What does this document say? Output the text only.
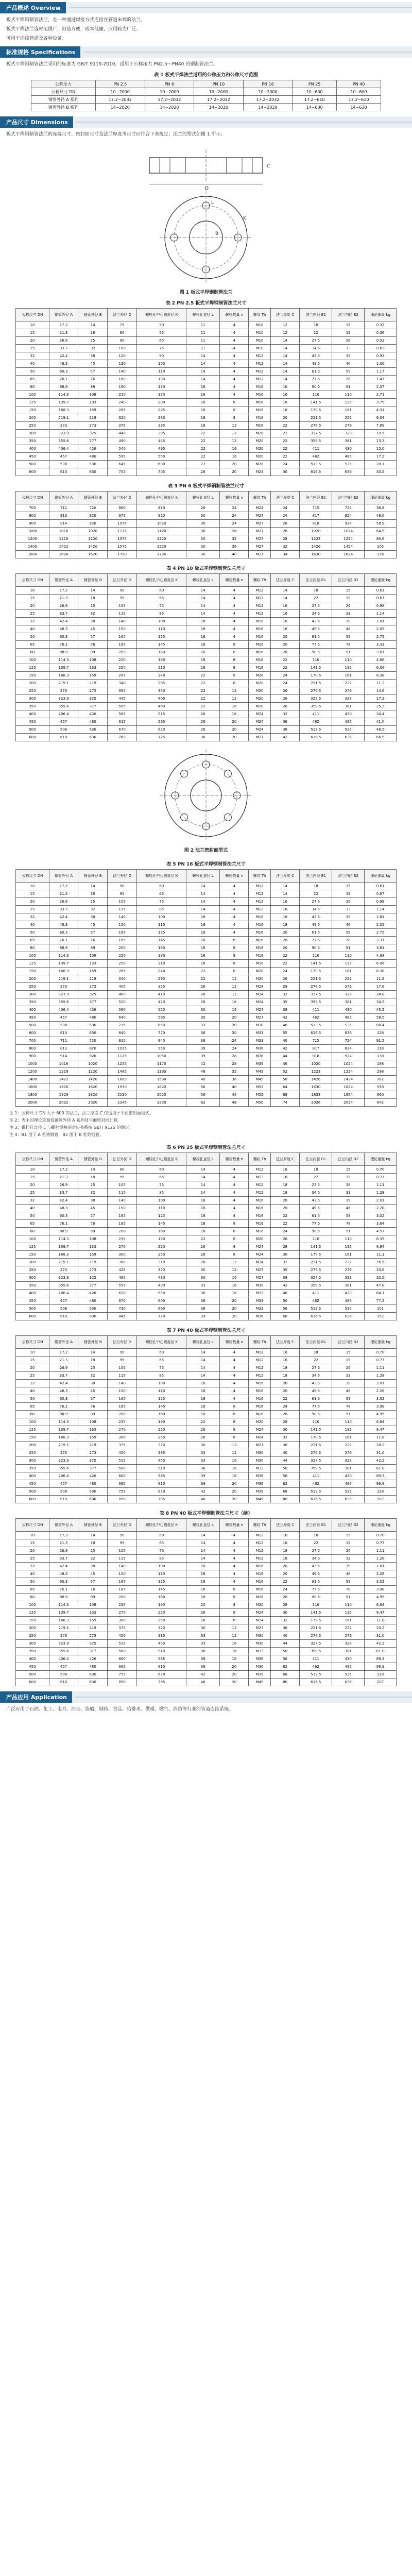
产品概述 Overview
板式平焊钢制管法兰，是一种通过焊接方式连接在管道末端的法兰。
板式平焊法兰选材范围广，制造方便，成本低廉，应用较为广泛。
可用于连接管道及各种设备。
标准规格 Specifications
板式平焊钢制管法兰采用的标准为 GB/T 9119-2010，适用于公称压力 PN2.5～PN40 的钢制管法兰。
表 1 板式平焊法兰适用的公称压力和公称尺寸范围
公称压力	PN 2.5	PN 6	PN 10	PN 16	PN 25	PN 40
公称尺寸 DN	10~2000	10~2000	10~2000	10~2000	10~600	10~600
钢管外径 A 系列	17.2~2032	17.2~2032	17.2~2032	17.2~2032	17.2~610	17.2~610
钢管外径 B 系列	14~2020	14~2020	14~2020	14~2020	14~630	14~630
产品尺寸 Dimensions
板式平焊钢制管法兰的连接尺寸、密封面尺寸及法兰厚度等尺寸应符合下表规定，法兰的型式如图 1 所示。
D
C
K
L
B
图 1 板式平焊钢制管法兰
表 2 PN 2.5 板式平焊钢制管法兰尺寸
公称尺寸 DN	钢管外径 A	钢管外径 B	法兰外径 D	螺栓孔中心圆直径 K	螺栓孔直径 L	螺栓数量 n	螺纹 Th	法兰厚度 C	法兰内径 B1	法兰内径 B2	理论重量 kg
10	17.2	14	75	50	11	4	M10	12	18	15	0.32
15	21.3	18	80	55	11	4	M10	12	22	19	0.36
20	26.9	25	90	65	11	4	M10	14	27.5	26	0.52
25	33.7	32	100	75	11	4	M10	14	34.5	33	0.62
32	42.4	38	120	90	14	4	M12	14	43.5	39	0.92
40	48.3	45	130	100	14	4	M12	14	49.5	46	1.06
50	60.3	57	140	110	14	4	M12	14	61.5	59	1.17
65	76.1	76	160	130	14	4	M12	14	77.5	78	1.47
80	88.9	89	190	150	18	4	M16	16	90.5	91	2.37
100	114.3	108	210	170	18	4	M16	16	116	110	2.71
125	139.7	133	240	200	18	8	M16	18	141.5	135	3.75
150	168.3	159	265	225	18	8	M16	18	170.5	161	4.31
200	219.1	219	320	280	18	8	M16	20	221.5	222	6.04
250	273	273	375	335	18	12	M16	22	276.5	276	7.89
300	323.9	325	440	395	22	12	M20	22	327.5	328	10.5
350	355.6	377	490	445	22	12	M20	22	359.5	381	13.3
400	406.4	426	540	495	22	16	M20	22	411	430	15.0
450	457	480	595	550	22	16	M20	22	462	485	17.2
500	508	530	645	600	22	20	M20	24	513.5	535	20.1
600	610	630	755	705	26	20	M24	30	616.5	636	30.5
表 3 PN 6 板式平焊钢制管法兰尺寸
公称尺寸 DN	钢管外径 A	钢管外径 B	法兰外径 D	螺栓孔中心圆直径 K	螺栓孔直径 L	螺栓数量 n	螺纹 Th	法兰厚度 C	法兰内径 B1	法兰内径 B2	理论重量 kg
700	711	720	860	810	26	24	M24	24	715	724	36.8
800	813	820	975	920	30	24	M27	24	817	824	48.6
900	914	920	1075	1020	30	24	M27	26	918	924	58.9
1000	1016	1020	1175	1120	30	28	M27	26	1020	1024	64.5
1200	1219	1220	1375	1320	30	32	M27	28	1223	1224	80.6
1400	1422	1420	1575	1520	30	36	M27	32	1426	1424	105
1600	1626	1620	1790	1730	30	40	M27	34	1630	1624	136
表 4 PN 10 板式平焊钢制管法兰尺寸
公称尺寸 DN	钢管外径 A	钢管外径 B	法兰外径 D	螺栓孔中心圆直径 K	螺栓孔直径 L	螺栓数量 n	螺纹 Th	法兰厚度 C	法兰内径 B1	法兰内径 B2	理论重量 kg
10	17.2	14	90	60	14	4	M12	14	18	15	0.61
15	21.3	18	95	65	14	4	M12	14	22	19	0.67
20	26.9	25	105	75	14	4	M12	16	27.5	26	0.98
25	33.7	32	115	85	14	4	M12	16	34.5	33	1.14
32	42.4	38	140	100	18	4	M16	18	43.5	39	1.81
40	48.3	45	150	110	18	4	M16	18	49.5	46	2.05
50	60.3	57	165	125	18	4	M16	20	61.5	59	2.75
65	76.1	76	185	145	18	8	M16	20	77.5	78	3.31
80	88.9	89	200	160	18	8	M16	20	90.5	91	3.81
100	114.3	108	220	180	18	8	M16	22	116	110	4.68
125	139.7	133	250	210	18	8	M16	22	141.5	135	6.06
150	168.3	159	285	240	22	8	M20	24	170.5	161	8.38
200	219.1	219	340	295	22	8	M20	24	221.5	222	11.3
250	273	273	395	350	22	12	M20	26	276.5	276	14.6
300	323.9	325	445	400	22	12	M20	26	327.5	328	17.2
350	355.6	377	505	460	22	16	M20	28	359.5	381	25.2
400	406.4	426	565	515	26	16	M24	32	411	430	34.4
450	457	480	615	565	26	20	M24	36	462	485	41.0
500	508	530	670	620	26	20	M24	38	513.5	535	48.5
600	610	630	780	725	30	20	M27	42	616.5	636	66.5
图 2 法兰密封面型式
表 5 PN 16 板式平焊钢制管法兰尺寸
公称尺寸 DN	钢管外径 A	钢管外径 B	法兰外径 D	螺栓孔中心圆直径 K	螺栓孔直径 L	螺栓数量 n	螺纹 Th	法兰厚度 C	法兰内径 B1	法兰内径 B2	理论重量 kg
10	17.2	14	90	60	14	4	M12	14	18	15	0.61
15	21.3	18	95	65	14	4	M12	14	22	19	0.67
20	26.9	25	105	75	14	4	M12	16	27.5	26	0.98
25	33.7	32	115	85	14	4	M12	16	34.5	33	1.14
32	42.4	38	140	100	18	4	M16	18	43.5	39	1.81
40	48.3	45	150	110	18	4	M16	18	49.5	46	2.05
50	60.3	57	165	125	18	4	M16	20	61.5	59	2.75
65	76.1	76	185	145	18	8	M16	20	77.5	78	3.31
80	88.9	89	200	160	18	8	M16	20	90.5	91	3.81
100	114.3	108	220	180	18	8	M16	22	116	110	4.68
125	139.7	133	250	210	18	8	M16	22	141.5	135	6.06
150	168.3	159	285	240	22	8	M20	24	170.5	161	8.38
200	219.1	219	340	295	22	12	M20	26	221.5	222	11.8
250	273	273	405	355	26	12	M24	29	276.5	276	17.6
300	323.9	325	460	410	26	12	M24	32	327.5	328	24.0
350	355.6	377	520	470	26	16	M24	35	359.5	381	34.2
400	406.4	426	580	525	30	16	M27	38	411	430	45.2
450	457	480	640	585	30	20	M27	42	462	485	58.5
500	508	530	715	650	33	20	M30	46	513.5	535	80.4
600	610	630	840	770	36	20	M33	55	616.5	636	128
700	711	720	910	840	36	24	M33	40	715	724	91.5
800	813	820	1025	950	39	24	M36	42	817	824	118
900	914	920	1125	1050	39	28	M36	44	918	924	138
1000	1016	1020	1255	1170	42	28	M39	46	1020	1024	188
1200	1219	1220	1485	1390	48	32	M45	52	1223	1224	298
1400	1422	1420	1685	1590	48	36	M45	58	1426	1424	382
1600	1626	1620	1930	1820	56	40	M52	64	1630	1624	558
1800	1829	1820	2130	2020	56	44	M52	68	1833	1824	660
2000	2032	2020	2345	2230	62	48	M56	74	2036	2024	842
注 1：公称尺寸 DN 大于 600 的法兰，法兰厚度 C 仅适用于平面密封面型式。
注 2：表中的理论重量按钢管外径 A 系列及平面密封面计算。
注 3：螺栓孔直径 L 与螺栓规格的对应关系按 GB/T 9125 的规定。
注 4：B1 用于 A 系列钢管，B2 用于 B 系列钢管。
表 6 PN 25 板式平焊钢制管法兰尺寸
公称尺寸 DN	钢管外径 A	钢管外径 B	法兰外径 D	螺栓孔中心圆直径 K	螺栓孔直径 L	螺栓数量 n	螺纹 Th	法兰厚度 C	法兰内径 B1	法兰内径 B2	理论重量 kg
10	17.2	14	90	60	14	4	M12	16	18	15	0.70
15	21.3	18	95	65	14	4	M12	16	22	19	0.77
20	26.9	25	105	75	14	4	M12	18	27.5	26	1.11
25	33.7	32	115	85	14	4	M12	18	34.5	33	1.28
32	42.4	38	140	100	18	4	M16	20	43.5	39	2.01
40	48.3	45	150	110	18	4	M16	20	49.5	46	2.28
50	60.3	57	165	125	18	4	M16	22	61.5	59	3.02
65	76.1	76	185	145	18	8	M16	22	77.5	78	3.64
80	88.9	89	200	160	18	8	M16	24	90.5	91	4.57
100	114.3	108	235	190	22	8	M20	26	116	110	6.35
125	139.7	133	270	220	26	8	M24	28	141.5	135	8.84
150	168.3	159	300	250	26	8	M24	30	170.5	161	11.1
200	219.1	219	360	310	26	12	M24	32	221.5	222	16.5
250	273	273	425	370	30	12	M27	35	276.5	276	23.6
300	323.9	325	485	430	30	16	M27	38	327.5	328	32.5
350	355.6	377	555	490	33	16	M30	42	359.5	381	47.8
400	406.4	426	620	550	36	16	M33	46	411	430	64.1
450	457	480	670	600	36	20	M33	50	462	485	77.2
500	508	530	730	660	36	20	M33	56	513.5	535	101
600	610	630	845	770	39	20	M36	68	616.5	636	152
表 7 PN 40 板式平焊钢制管法兰尺寸
公称尺寸 DN	钢管外径 A	钢管外径 B	法兰外径 D	螺栓孔中心圆直径 K	螺栓孔直径 L	螺栓数量 n	螺纹 Th	法兰厚度 C	法兰内径 B1	法兰内径 B2	理论重量 kg
10	17.2	14	90	60	14	4	M12	16	18	15	0.70
15	21.3	18	95	65	14	4	M12	16	22	19	0.77
20	26.9	25	105	75	14	4	M12	18	27.5	26	1.11
25	33.7	32	115	85	14	4	M12	18	34.5	33	1.28
32	42.4	38	140	100	18	4	M16	20	43.5	39	2.01
40	48.3	45	150	110	18	4	M16	20	49.5	46	2.28
50	60.3	57	165	125	18	4	M16	22	61.5	59	3.02
65	76.1	76	185	145	18	8	M16	24	77.5	78	3.98
80	88.9	89	200	160	18	8	M16	26	90.5	91	4.95
100	114.3	108	235	190	22	8	M20	28	116	110	6.84
125	139.7	133	270	220	26	8	M24	30	141.5	135	9.47
150	168.3	159	300	250	26	8	M24	32	170.5	161	11.8
200	219.1	219	375	320	30	12	M27	36	221.5	222	20.2
250	273	273	450	385	33	12	M30	40	276.5	276	31.0
300	323.9	325	515	450	33	16	M30	44	327.5	328	42.2
350	355.6	377	580	510	36	16	M33	50	359.5	381	61.0
400	406.4	426	660	585	39	16	M36	56	411	430	89.3
450	457	480	685	610	39	20	M36	62	462	485	96.9
500	508	530	755	670	42	20	M39	68	513.5	535	128
600	610	630	890	795	48	20	M45	80	616.5	636	207
表 8 PN 40 板式平焊钢制管法兰尺寸（续）
公称尺寸 DN	钢管外径 A	钢管外径 B	法兰外径 D	螺栓孔中心圆直径 K	螺栓孔直径 L	螺栓数量 n	螺纹 Th	法兰厚度 C	法兰内径 B1	法兰内径 B2	理论重量 kg
10	17.2	14	90	60	14	4	M12	16	18	15	0.70
15	21.3	18	95	65	14	4	M12	16	22	19	0.77
20	26.9	25	105	75	14	4	M12	18	27.5	26	1.11
25	33.7	32	115	85	14	4	M12	18	34.5	33	1.28
32	42.4	38	140	100	18	4	M16	20	43.5	39	2.01
40	48.3	45	150	110	18	4	M16	20	49.5	46	2.28
50	60.3	57	165	125	18	4	M16	22	61.5	59	3.02
65	76.1	76	185	145	18	8	M16	24	77.5	78	3.98
80	88.9	89	200	160	18	8	M16	26	90.5	91	4.95
100	114.3	108	235	190	22	8	M20	28	116	110	6.84
125	139.7	133	270	220	26	8	M24	30	141.5	135	9.47
150	168.3	159	300	250	26	8	M24	32	170.5	161	11.8
200	219.1	219	375	320	30	12	M27	36	221.5	222	20.2
250	273	273	450	385	33	12	M30	40	276.5	276	31.0
300	323.9	325	515	450	33	16	M30	44	327.5	328	42.2
350	355.6	377	580	510	36	16	M33	50	359.5	381	61.0
400	406.4	426	660	585	39	16	M36	56	411	430	89.3
450	457	480	685	610	39	20	M36	62	462	485	96.9
500	508	530	755	670	42	20	M39	68	513.5	535	128
600	610	630	890	795	48	20	M45	80	616.5	636	207
产品应用 Application
广泛应用于石油、化工、电力、冶金、造船、制药、食品、给排水、供暖、燃气、消防等行业的管道连接系统。
